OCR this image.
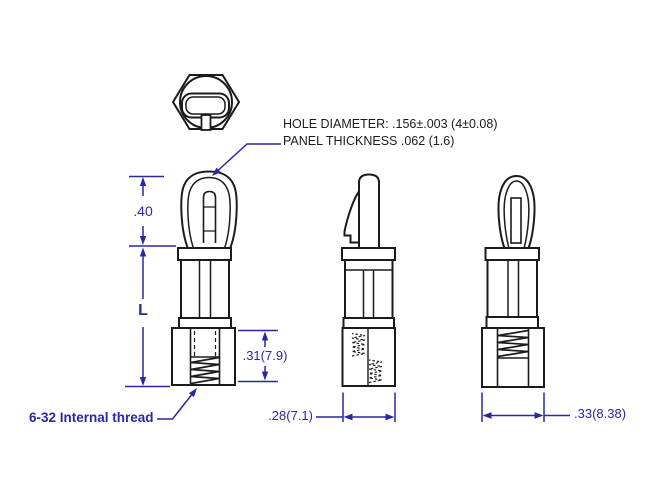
HOLE DIAMETER: .156±.003 (4±0.08)
PANEL THICKNESS .062 (1.6)
.40
L
.31(7.9)
.28(7.1)	.33(8.38)
6-32 Internal thread
